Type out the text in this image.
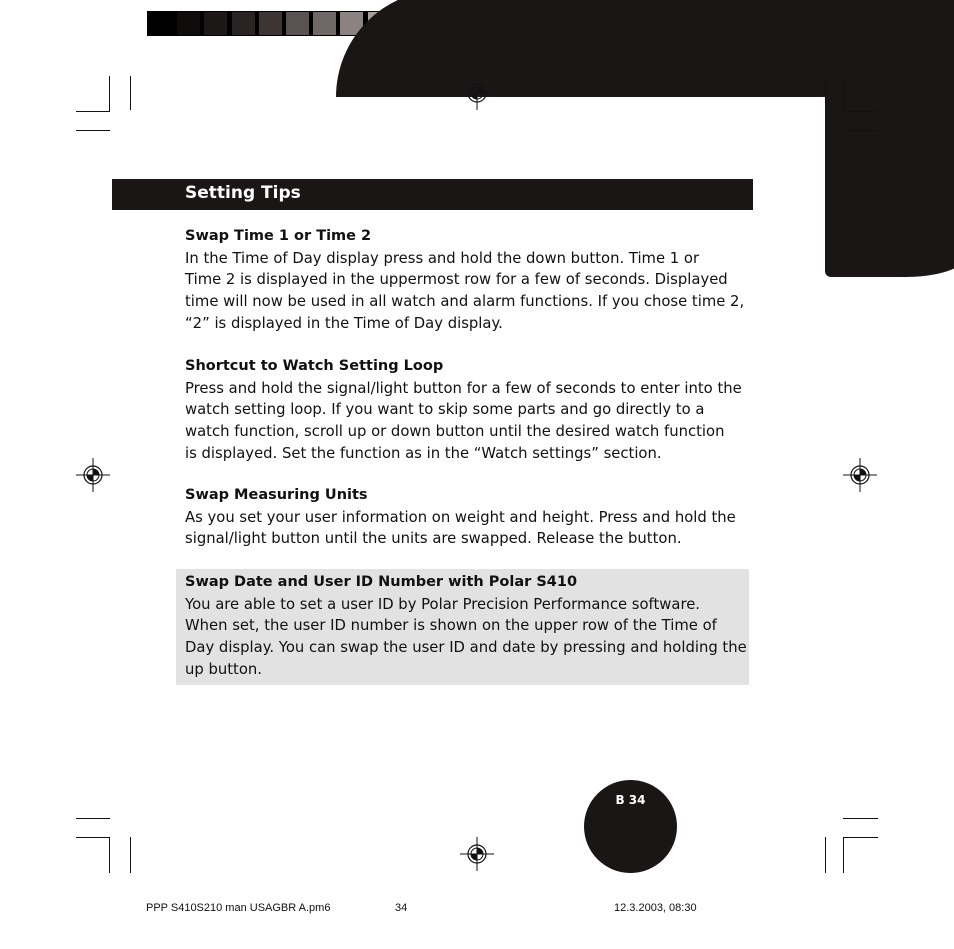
Setting Tips
Swap Time 1 or Time 2

In the Time of Day display press and hold the down button. Time 1 or

Time 2 is displayed in the uppermost row for a few of seconds. Displayed

time will now be used in all watch and alarm functions. If you chose time 2,

“2” is displayed in the Time of Day display.

Shortcut to Watch Setting Loop

Press and hold the signal/light button for a few of seconds to enter into the

watch setting loop. If you want to skip some parts and go directly to a

watch function, scroll up or down button until the desired watch function

is displayed. Set the function as in the “Watch settings” section.

Swap Measuring Units

As you set your user information on weight and height. Press and hold the

signal/light button until the units are swapped. Release the button.

Swap Date and User ID Number with Polar S410

You are able to set a user ID by Polar Precision Performance software.

When set, the user ID number is shown on the upper row of the Time of

Day display. You can swap the user ID and date by pressing and holding the

up button.

B 34
PPP S410S210 man USAGBR A.pm6	34	12.3.2003, 08:30
